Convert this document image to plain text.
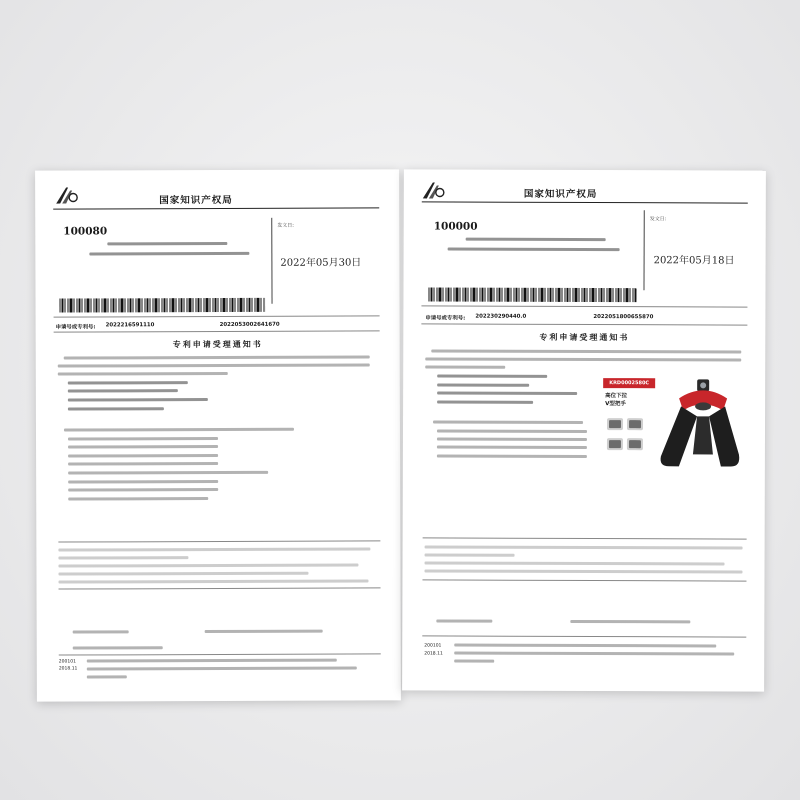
国家知识产权局
100080	发文日:
2022年05月30日
申请号或专利号: 2022216591110	2022053002641670
专利申请受理通知书
200101
2018.11
国家知识产权局
100000
发文日:
2022年05月18日
申请号或专利号: 202230290440.0	2022051800655870
专利申请受理通知书
KRD0002580C
高位下拉
V型把手
200101
2018.11
